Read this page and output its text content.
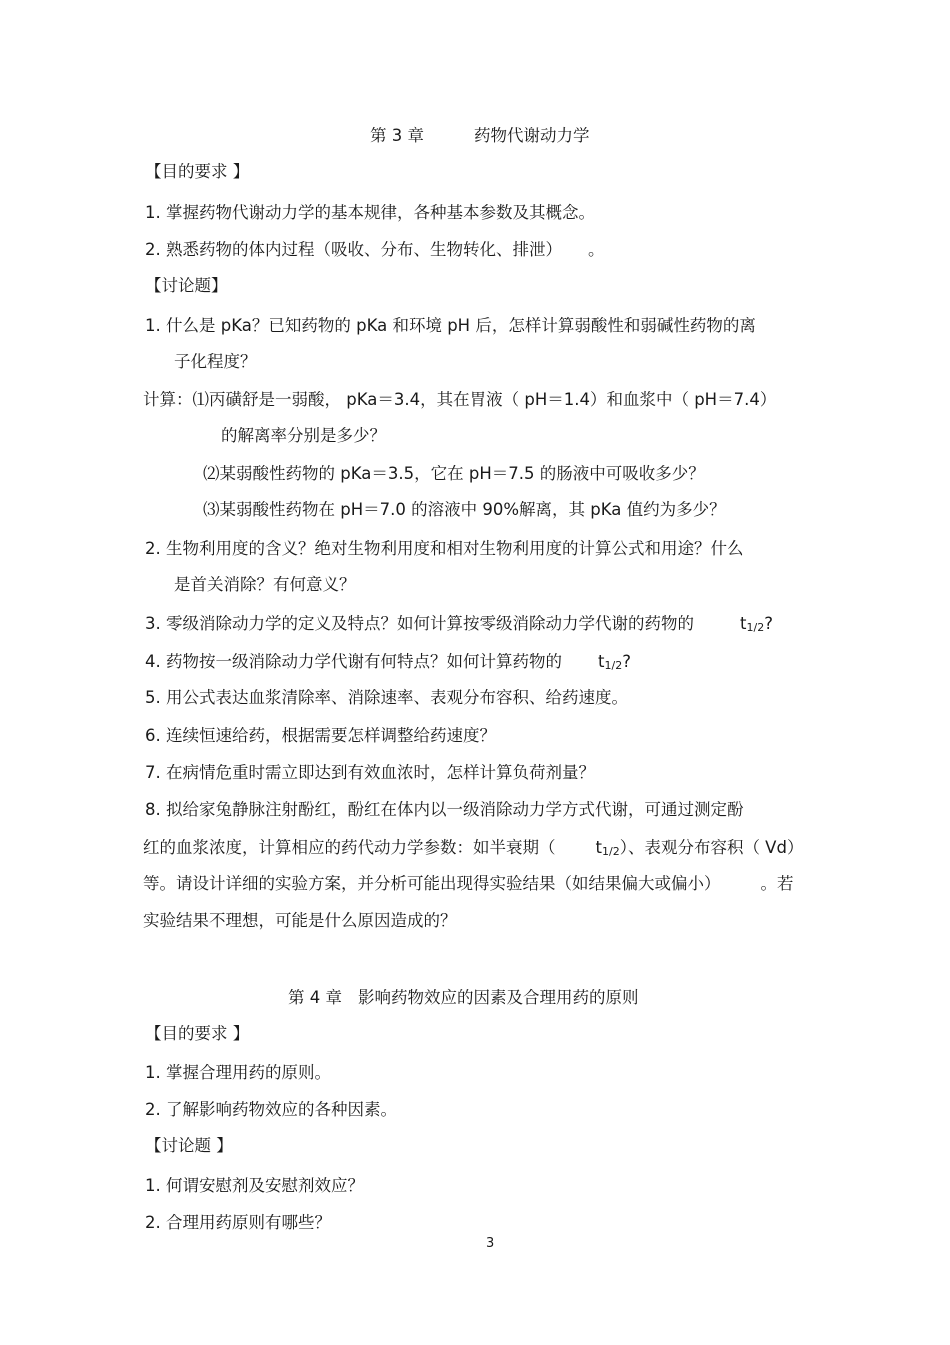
第 3 章	药物代谢动力学
【目的要求 】
1. 掌握药物代谢动力学的基本规律，各种基本参数及其概念。
2. 熟悉药物的体内过程（吸收、分布、生物转化、排泄） 。
【讨论题】
1. 什么是 pKa？已知药物的 pKa 和环境 pH 后，怎样计算弱酸性和弱碱性药物的离
子化程度？
计算：⑴丙磺舒是一弱酸， pKa＝3.4，其在胃液（ pH＝1.4）和血浆中（ pH＝7.4）
的解离率分别是多少？
⑵某弱酸性药物的 pKa＝3.5，它在 pH＝7.5 的肠液中可吸收多少？
⑶某弱酸性药物在 pH＝7.0 的溶液中 90%解离，其 pKa 值约为多少？
2. 生物利用度的含义？绝对生物利用度和相对生物利用度的计算公式和用途？什么
是首关消除？有何意义？
3. 零级消除动力学的定义及特点？如何计算按零级消除动力学代谢的药物的	t1/2?
4. 药物按一级消除动力学代谢有何特点？如何计算药物的 t1/2?
5. 用公式表达血浆清除率、消除速率、表观分布容积、给药速度。
6. 连续恒速给药，根据需要怎样调整给药速度？
7. 在病情危重时需立即达到有效血浓时，怎样计算负荷剂量？
8. 拟给家兔静脉注射酚红，酚红在体内以一级消除动力学方式代谢，可通过测定酚
红的血浆浓度，计算相应的药代动力学参数：如半衰期（ t1/2）、表观分布容积（ Vd）
等。请设计详细的实验方案，并分析可能出现得实验结果（如结果偏大或偏小） 。若
实验结果不理想，可能是什么原因造成的？
第 4 章 影响药物效应的因素及合理用药的原则
【目的要求 】
1. 掌握合理用药的原则。
2. 了解影响药物效应的各种因素。
【讨论题 】
1. 何谓安慰剂及安慰剂效应？
2. 合理用药原则有哪些？
3
